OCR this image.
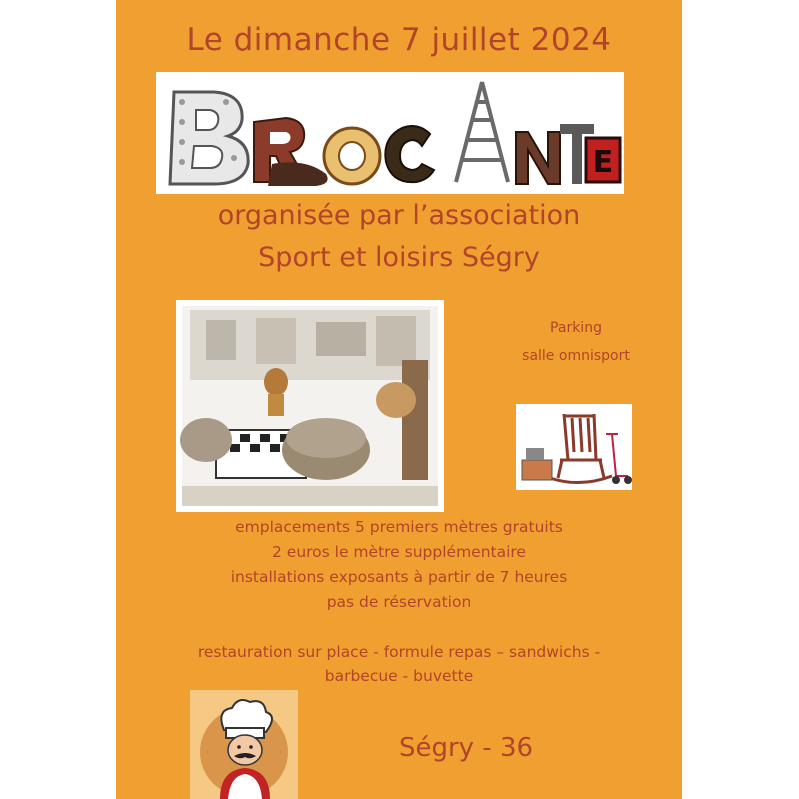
Le dimanche 7 juillet 2024
E
organisée par l’association
Sport et loisirs Ségry
Parking
salle omnisport
emplacements 5 premiers mètres gratuits
2 euros le mètre supplémentaire
installations exposants à partir de 7 heures
pas de réservation
restauration sur place - formule repas – sandwichs -
barbecue - buvette
Ségry - 36
